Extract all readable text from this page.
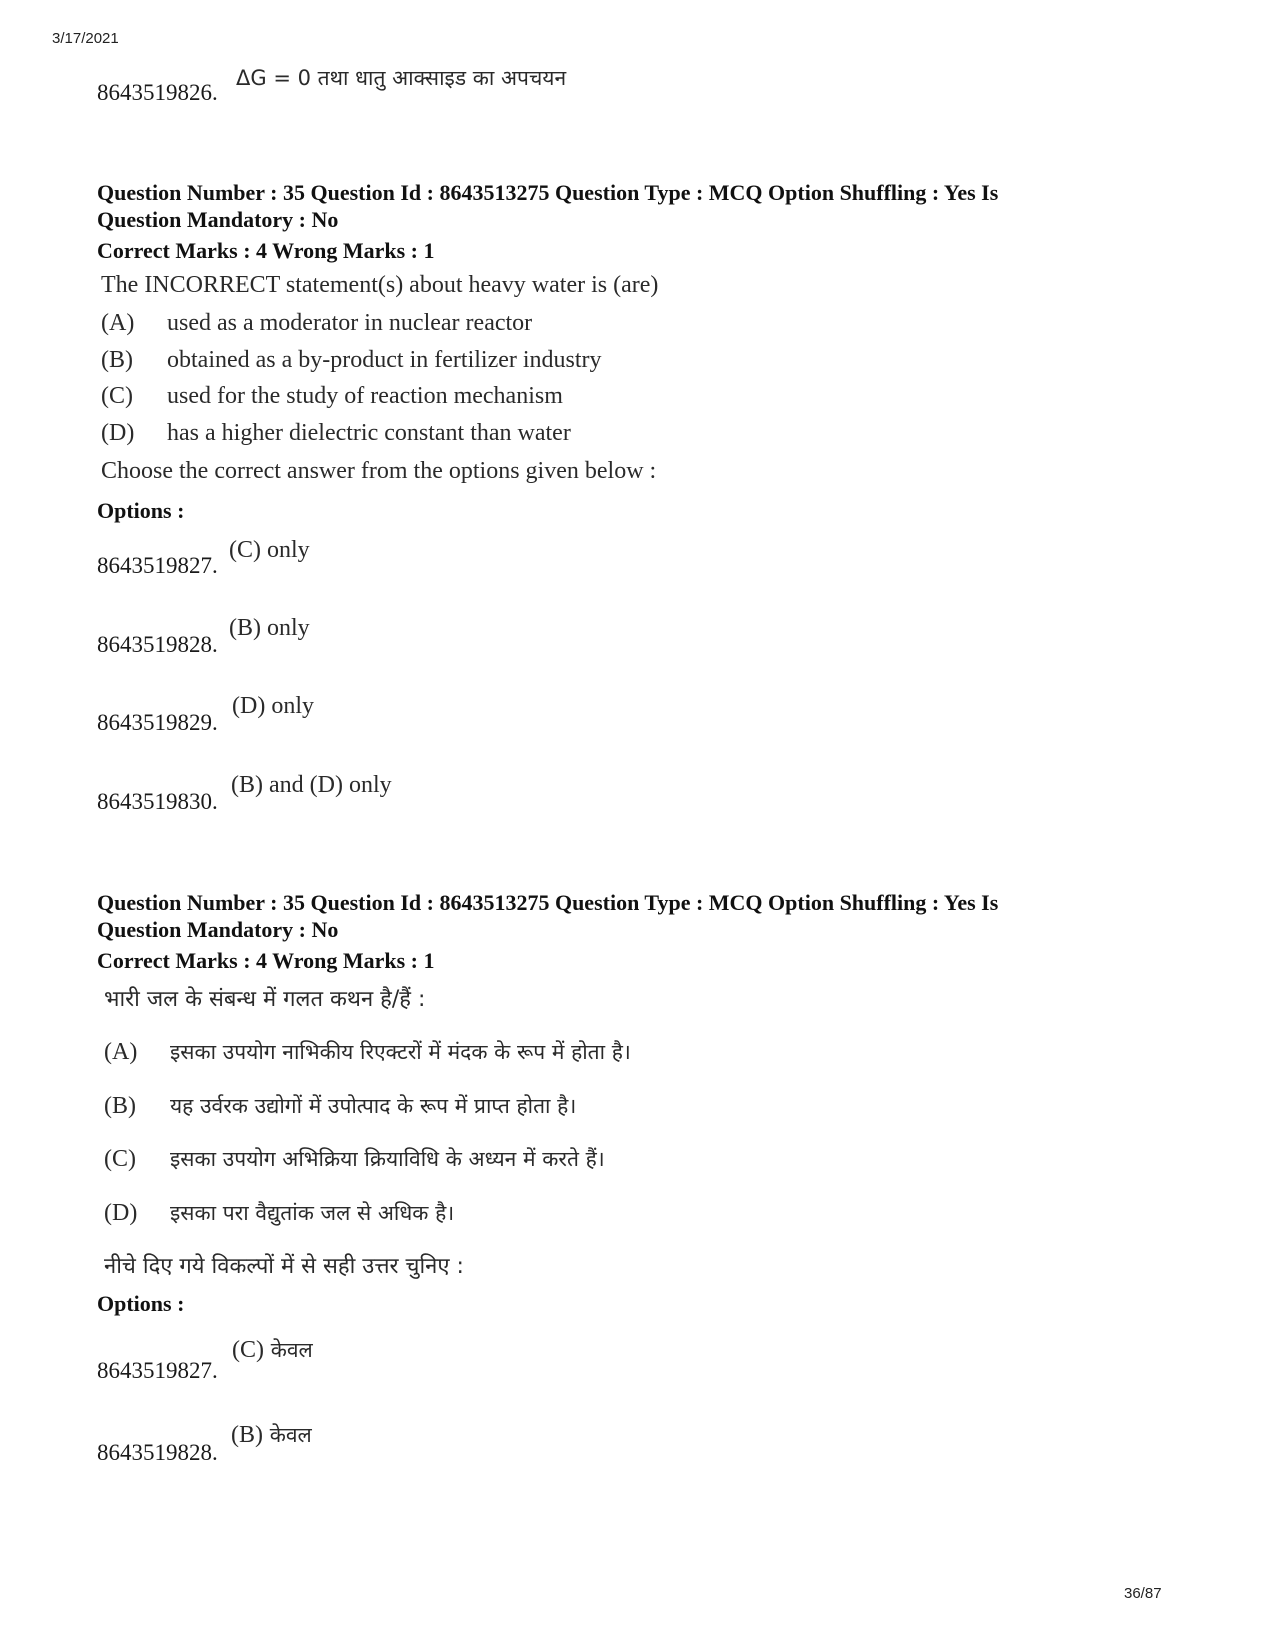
3/17/2021
36/87
8643519826.
ΔG = 0 तथा धातु आक्साइड का अपचयन
Question Number : 35 Question Id : 8643513275 Question Type : MCQ Option Shuffling : Yes Is
Question Mandatory : No
Correct Marks : 4 Wrong Marks : 1
The INCORRECT statement(s) about heavy water is (are)
(A) used as a moderator in nuclear reactor
(B) obtained as a by-product in fertilizer industry
(C) used for the study of reaction mechanism
(D) has a higher dielectric constant than water
Choose the correct answer from the options given below :
Options :
8643519827.
(C) only
8643519828.
(B) only
8643519829.
(D) only
8643519830.
(B) and (D) only
Question Number : 35 Question Id : 8643513275 Question Type : MCQ Option Shuffling : Yes Is
Question Mandatory : No
Correct Marks : 4 Wrong Marks : 1
भारी जल के संबन्ध में गलत कथन है/हैं :
(A) इसका उपयोग नाभिकीय रिएक्टरों में मंदक के रूप में होता है।
(B) यह उर्वरक उद्योगों में उपोत्पाद के रूप में प्राप्त होता है।
(C) इसका उपयोग अभिक्रिया क्रियाविधि के अध्यन में करते हैं।
(D) इसका परा वैद्युतांक जल से अधिक है।
नीचे दिए गये विकल्पों में से सही उत्तर चुनिए :
Options :
8643519827.
(C) केवल
8643519828.
(B) केवल
